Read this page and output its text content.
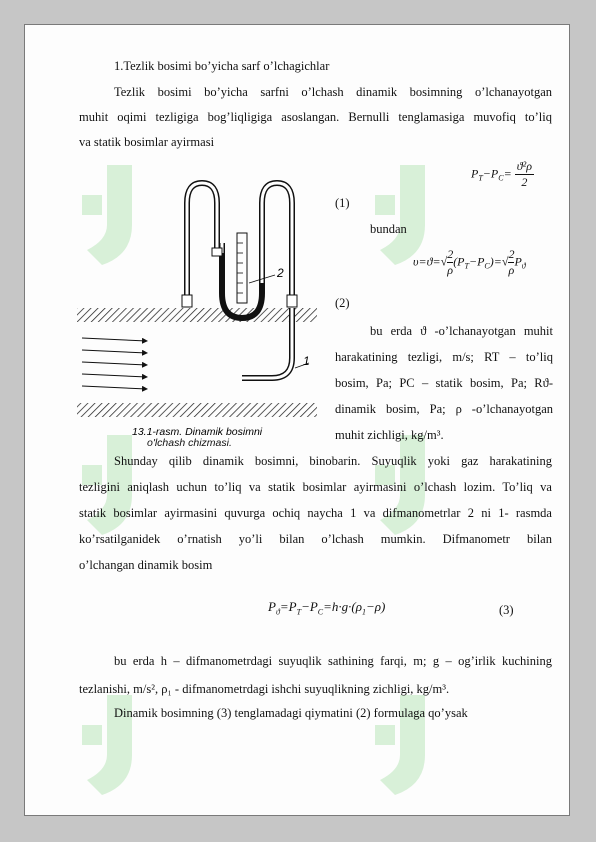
1.Tezlik bosimi bo’yicha sarf o’lchagichlar

Tezlik bosimi bo’yicha sarfni o’lchash dinamik bosimning o’lchanayotgan

muhit oqimi tezligiga bog’liqligiga asoslangan. Bernulli tenglamasiga muvofiq to’liq

va statik bosimlar ayirmasi

$P_T-P_C= \frac{\text{ϑ²ρ}}{2}$

(1)

bundan

$\upsilon=ϑ=√ \frac{2}{\rho} (P_T-P_C)=√ \frac{2}{\rho} P_ϑ$

(2)

bu erda ϑ -o’lchanayotgan muhit

harakatining tezligi, m/s; RT – to’liq

bosim, Pa; PC – statik bosim, Pa; Rϑ-

dinamik bosim, Pa; ρ -o’lchanayotgan

muhit zichligi, kg/m³.

2
1
13.1-rasm. Dinamik bosimni

o'lchash chizmasi.

Shunday qilib dinamik bosimni, binobarin. Suyuqlik yoki gaz harakatining

tezligini aniqlash uchun to’liq va statik bosimlar ayirmasini o’lchash lozim. To’liq va

statik bosimlar ayirmasini quvurga ochiq naycha 1 va difmanometrlar 2 ni 1- rasmda

ko’rsatilganidek o’rnatish yo’li bilan o’lchash mumkin. Difmanometr bilan

o’lchangan dinamik bosim

$P_ϑ=P_T-P_C=h\cdot g\cdot(\rho_1-\rho)$	(3)

bu erda h – difmanometrdagi suyuqlik sathining farqi, m; g – og’irlik kuchining

tezlanishi, m/s², ρ₁ - difmanometrdagi ishchi suyuqlikning zichligi, kg/m³.

Dinamik bosimning (3) tenglamadagi qiymatini (2) formulaga qo’ysak
